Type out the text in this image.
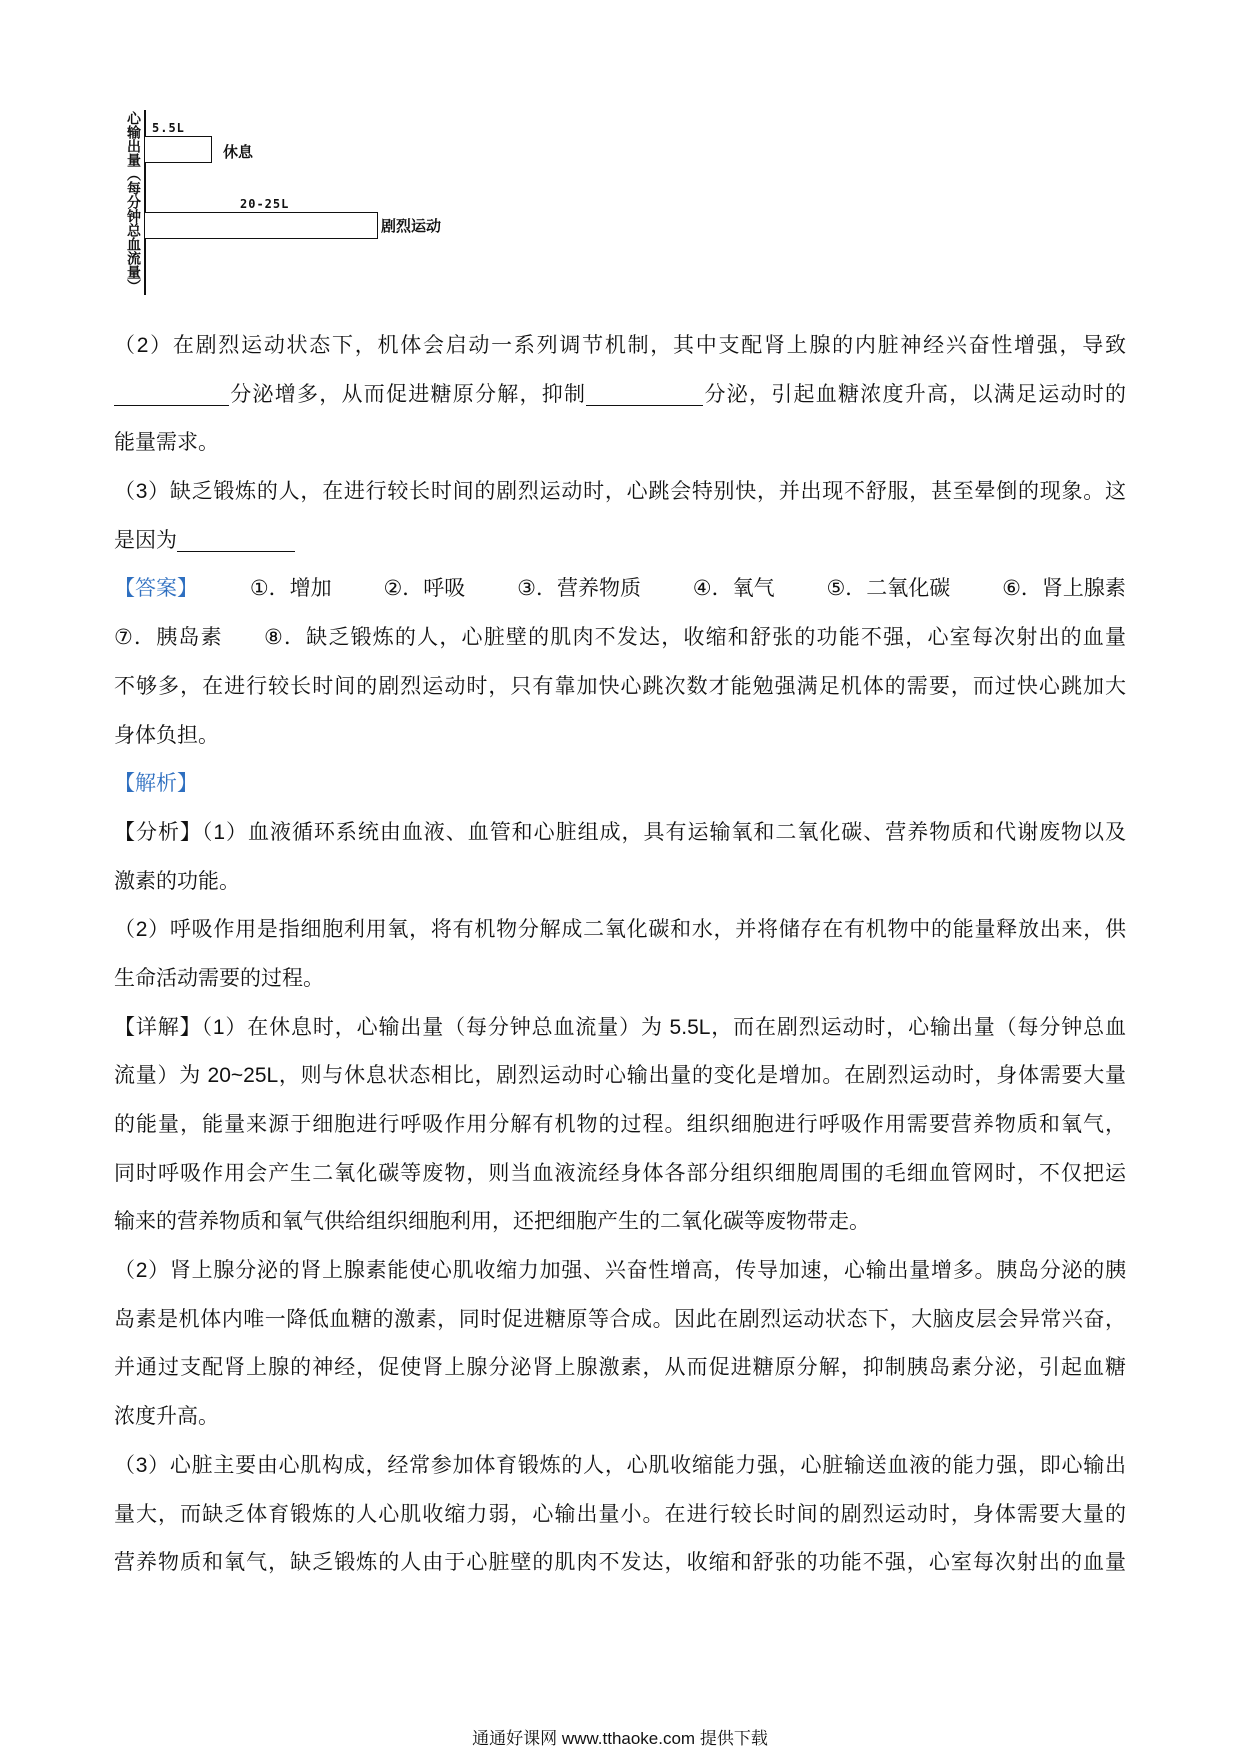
心输出量（每分钟总血流量） 5.5L
休息
20-25L
剧烈运动
（2）在剧烈运动状态下，机体会启动一系列调节机制，其中支配肾上腺的内脏神经兴奋性增强，导致
分泌增多，从而促进糖原分解，抑制	分泌，引起血糖浓度升高，以满足运动时的
能量需求。
（3）缺乏锻炼的人，在进行较长时间的剧烈运动时，心跳会特别快，并出现不舒服，甚至晕倒的现象。这
是因为
【答案】 ①．增加 ②．呼吸 ③．营养物质 ④．氧气 ⑤．二氧化碳 ⑥．肾上腺素
⑦．胰岛素 ⑧．缺乏锻炼的人，心脏壁的肌肉不发达，收缩和舒张的功能不强，心室每次射出的血量
不够多，在进行较长时间的剧烈运动时，只有靠加快心跳次数才能勉强满足机体的需要，而过快心跳加大
身体负担。
【解析】
【分析】（1）血液循环系统由血液、血管和心脏组成，具有运输氧和二氧化碳、营养物质和代谢废物以及
激素的功能。
（2）呼吸作用是指细胞利用氧，将有机物分解成二氧化碳和水，并将储存在有机物中的能量释放出来，供
生命活动需要的过程。
【详解】（1）在休息时，心输出量（每分钟总血流量）为 5.5L，而在剧烈运动时，心输出量（每分钟总血
流量）为 20~25L，则与休息状态相比，剧烈运动时心输出量的变化是增加。在剧烈运动时，身体需要大量
的能量，能量来源于细胞进行呼吸作用分解有机物的过程。组织细胞进行呼吸作用需要营养物质和氧气，
同时呼吸作用会产生二氧化碳等废物，则当血液流经身体各部分组织细胞周围的毛细血管网时，不仅把运
输来的营养物质和氧气供给组织细胞利用，还把细胞产生的二氧化碳等废物带走。
（2）肾上腺分泌的肾上腺素能使心肌收缩力加强、兴奋性增高，传导加速，心输出量增多。胰岛分泌的胰
岛素是机体内唯一降低血糖的激素，同时促进糖原等合成。因此在剧烈运动状态下，大脑皮层会异常兴奋，
并通过支配肾上腺的神经，促使肾上腺分泌肾上腺激素，从而促进糖原分解，抑制胰岛素分泌，引起血糖
浓度升高。
（3）心脏主要由心肌构成，经常参加体育锻炼的人，心肌收缩能力强，心脏输送血液的能力强，即心输出
量大，而缺乏体育锻炼的人心肌收缩力弱，心输出量小。在进行较长时间的剧烈运动时，身体需要大量的
营养物质和氧气，缺乏锻炼的人由于心脏壁的肌肉不发达，收缩和舒张的功能不强，心室每次射出的血量
通通好课网 www.tthaoke.com 提供下载
